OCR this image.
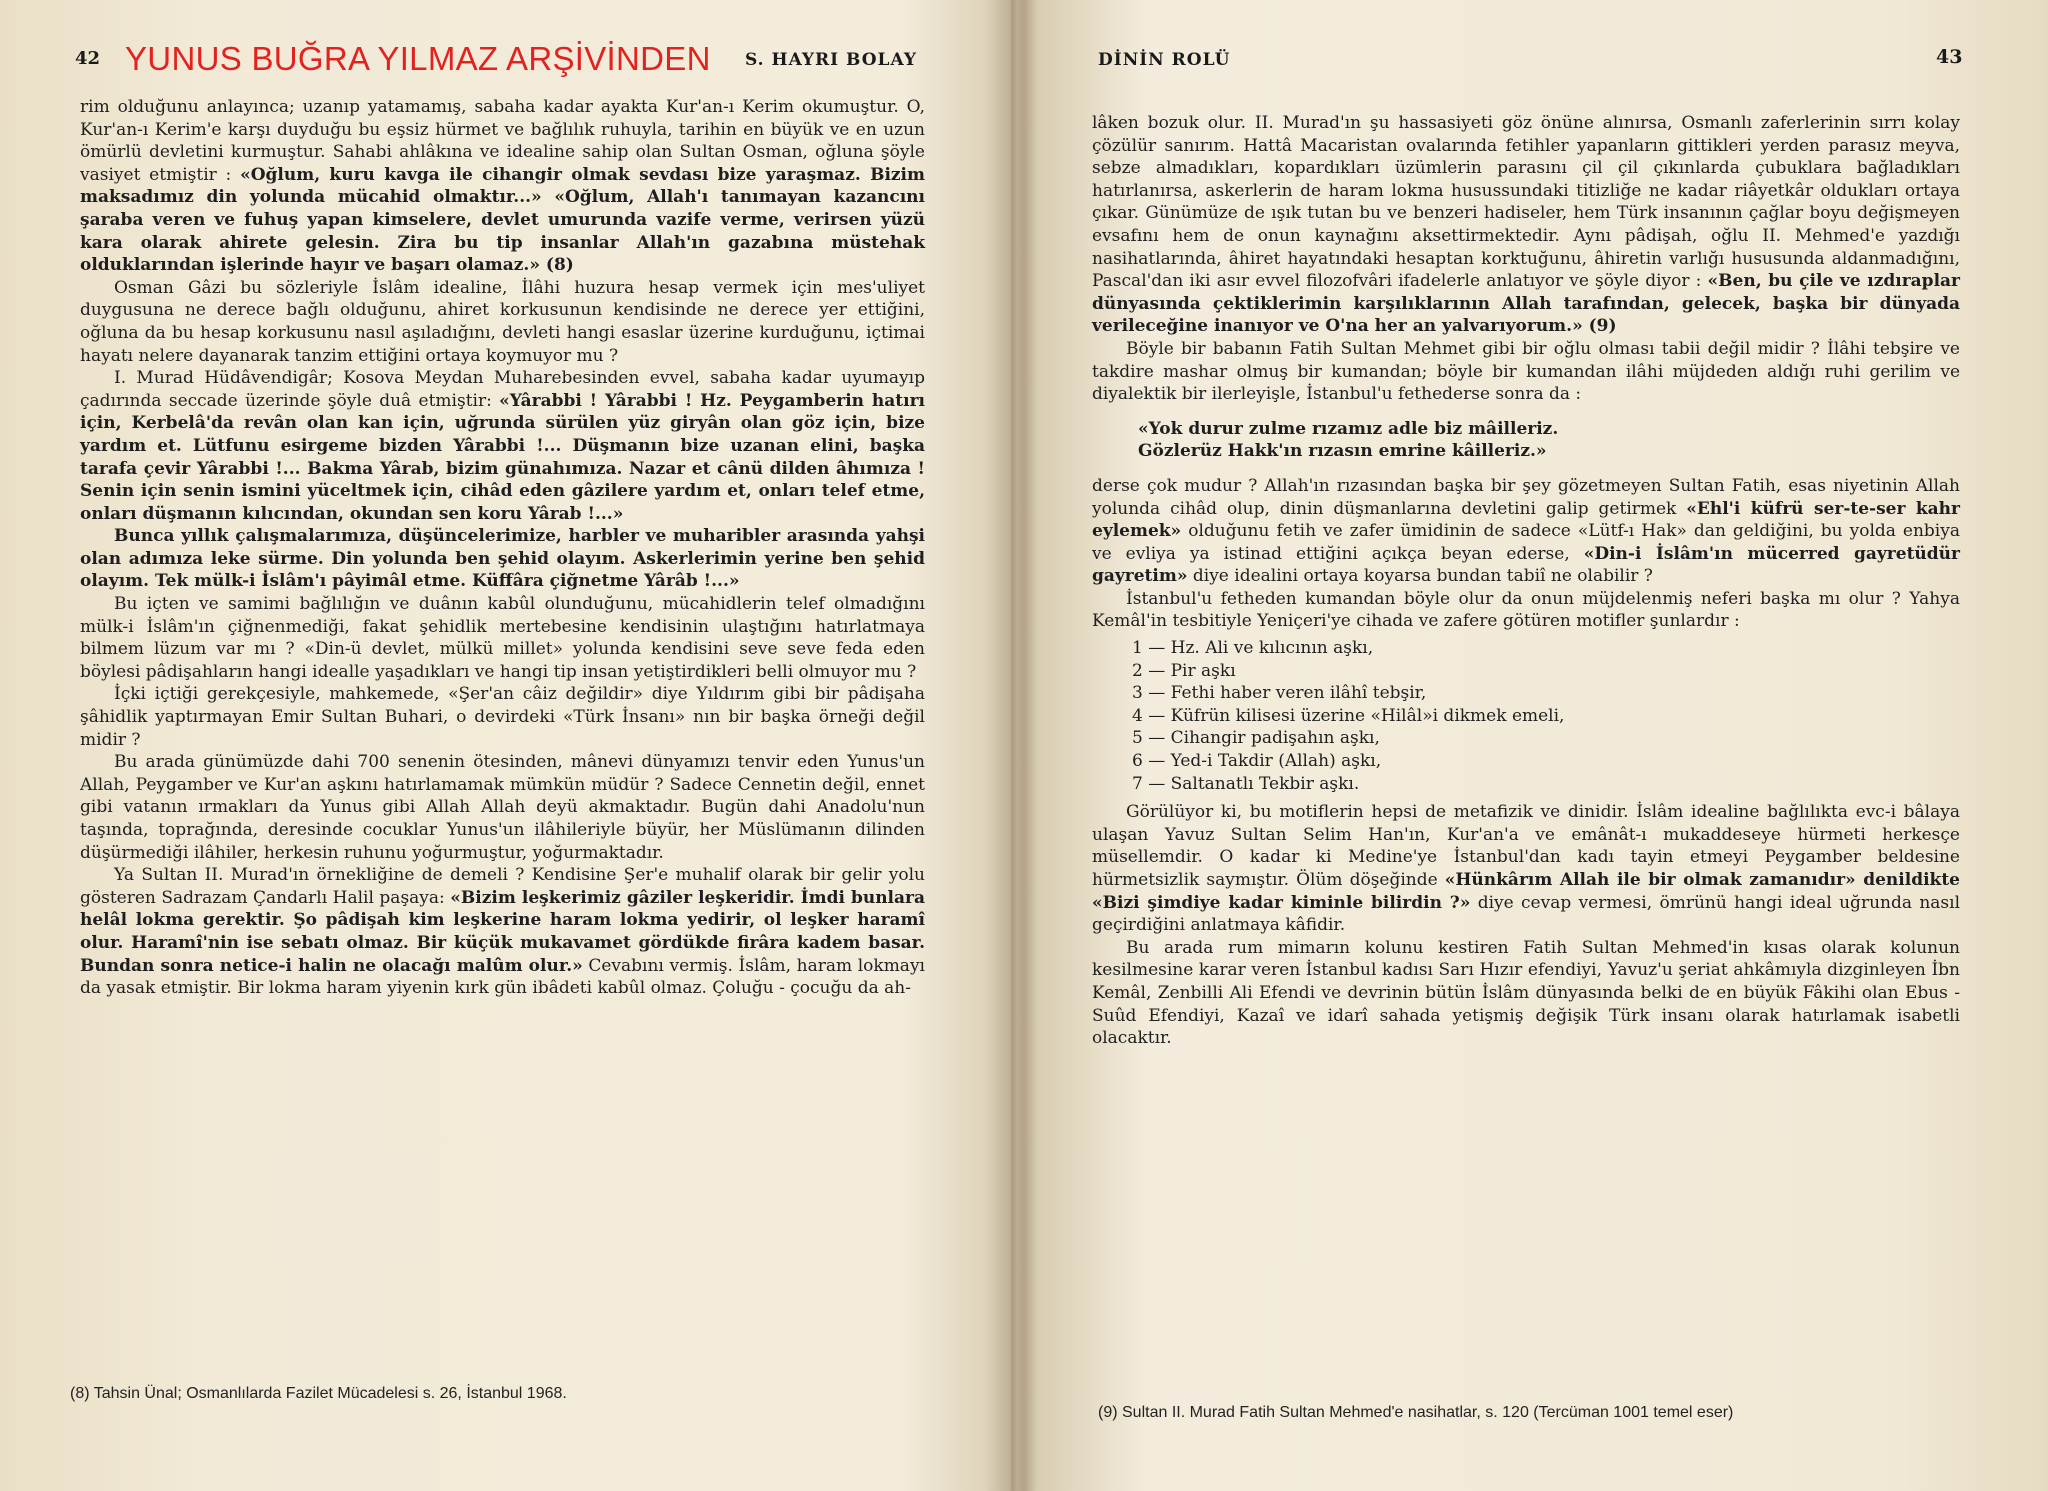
42 YUNUS BUĞRA YILMAZ ARŞİVİNDEN S. HAYRI BOLAY

rim olduğunu anlayınca; uzanıp yatamamış, sabaha kadar ayakta Kur'an-ı Kerim okumuştur. O, Kur'an-ı Kerim'e karşı duyduğu bu eşsiz hürmet ve bağlılık ruhuyla, tarihin en büyük ve en uzun ömürlü devletini kurmuştur. Sahabi ahlâkına ve idealine sahip olan Sultan Osman, oğluna şöyle vasiyet etmiştir : «Oğlum, kuru kavga ile cihangir olmak sevdası bize yaraşmaz. Bizim maksadımız din yolunda mücahid olmaktır...» «Oğlum, Allah'ı tanımayan kazancını şaraba veren ve fuhuş yapan kimselere, devlet umurunda vazife verme, verirsen yüzü kara olarak ahirete gelesin. Zira bu tip insanlar Allah'ın gazabına müstehak olduklarından işlerinde hayır ve başarı olamaz.» (8)

Osman Gâzi bu sözleriyle İslâm idealine, İlâhi huzura hesap vermek için mes'uliyet duygusuna ne derece bağlı olduğunu, ahiret korkusunun kendisinde ne derece yer ettiğini, oğluna da bu hesap korkusunu nasıl aşıladığını, devleti hangi esaslar üzerine kurduğunu, içtimai hayatı nelere dayanarak tanzim ettiğini ortaya koymuyor mu ?

I. Murad Hüdâvendigâr; Kosova Meydan Muharebesinden evvel, sabaha kadar uyumayıp çadırında seccade üzerinde şöyle duâ etmiştir: «Yârabbi ! Yârabbi ! Hz. Peygamberin hatırı için, Kerbelâ'da revân olan kan için, uğrunda sürülen yüz giryân olan göz için, bize yardım et. Lütfunu esirgeme bizden Yârabbi !... Düşmanın bize uzanan elini, başka tarafa çevir Yârabbi !... Bakma Yârab, bizim günahımıza. Nazar et cânü dilden âhımıza ! Senin için senin ismini yüceltmek için, cihâd eden gâzilere yardım et, onları telef etme, onları düşmanın kılıcından, okundan sen koru Yârab !...»

Bunca yıllık çalışmalarımıza, düşüncelerimize, harbler ve muharibler arasında yahşi olan adımıza leke sürme. Din yolunda ben şehid olayım. Askerlerimin yerine ben şehid olayım. Tek mülk-i İslâm'ı pâyimâl etme. Küffâra çiğnetme Yârâb !...»

Bu içten ve samimi bağlılığın ve duânın kabûl olunduğunu, mücahidlerin telef olmadığını mülk-i İslâm'ın çiğnenmediği, fakat şehidlik mertebesine kendisinin ulaştığını hatırlatmaya bilmem lüzum var mı ? «Din-ü devlet, mülkü millet» yolunda kendisini seve seve feda eden böylesi pâdişahların hangi idealle yaşadıkları ve hangi tip insan yetiştirdikleri belli olmuyor mu ?

İçki içtiği gerekçesiyle, mahkemede, «Şer'an câiz değildir» diye Yıldırım gibi bir pâdişaha şâhidlik yaptırmayan Emir Sultan Buhari, o devirdeki «Türk İnsanı» nın bir başka örneği değil midir ?

Bu arada günümüzde dahi 700 senenin ötesinden, mânevi dünyamızı tenvir eden Yunus'un Allah, Peygamber ve Kur'an aşkını hatırlamamak mümkün müdür ? Sadece Cennetin değil, ennet gibi vatanın ırmakları da Yunus gibi Allah Allah deyü akmaktadır. Bugün dahi Anadolu'nun taşında, toprağında, deresinde cocuklar Yunus'un ilâhileriyle büyür, her Müslümanın dilinden düşürmediği ilâhiler, herkesin ruhunu yoğurmuştur, yoğurmaktadır.

Ya Sultan II. Murad'ın örnekliğine de demeli ? Kendisine Şer'e muhalif olarak bir gelir yolu gösteren Sadrazam Çandarlı Halil paşaya: «Bizim leşkerimiz gâziler leşkeridir. İmdi bunlara helâl lokma gerektir. Şo pâdişah kim leşkerine haram lokma yedirir, ol leşker haramî olur. Haramî'nin ise sebatı olmaz. Bir küçük mukavamet gördükde firâra kadem basar. Bundan sonra netice-i halin ne olacağı malûm olur.» Cevabını vermiş. İslâm, haram lokmayı da yasak etmiştir. Bir lokma haram yiyenin kırk gün ibâdeti kabûl olmaz. Çoluğu - çocuğu da ah-

(8) Tahsin Ünal; Osmanlılarda Fazilet Mücadelesi s. 26, İstanbul 1968.
DİNİN ROLÜ	43

lâken bozuk olur. II. Murad'ın şu hassasiyeti göz önüne alınırsa, Osmanlı zaferlerinin sırrı kolay çözülür sanırım. Hattâ Macaristan ovalarında fetihler yapanların gittikleri yerden parasız meyva, sebze almadıkları, kopardıkları üzümlerin parasını çil çil çıkınlarda çubuklara bağladıkları hatırlanırsa, askerlerin de haram lokma husussundaki titizliğe ne kadar riâyetkâr oldukları ortaya çıkar. Günümüze de ışık tutan bu ve benzeri hadiseler, hem Türk insanının çağlar boyu değişmeyen evsafını hem de onun kaynağını aksettirmektedir. Aynı pâdişah, oğlu II. Mehmed'e yazdığı nasihatlarında, âhiret hayatındaki hesaptan korktuğunu, âhiretin varlığı hususunda aldanmadığını, Pascal'dan iki asır evvel filozofvâri ifadelerle anlatıyor ve şöyle diyor : «Ben, bu çile ve ızdıraplar dünyasında çektiklerimin karşılıklarının Allah tarafından, gelecek, başka bir dünyada verileceğine inanıyor ve O'na her an yalvarıyorum.» (9)

Böyle bir babanın Fatih Sultan Mehmet gibi bir oğlu olması tabii değil midir ? İlâhi tebşire ve takdire mashar olmuş bir kumandan; böyle bir kumandan ilâhi müjdeden aldığı ruhi gerilim ve diyalektik bir ilerleyişle, İstanbul'u fethederse sonra da :

«Yok durur zulme rızamız adle biz mâilleriz.
Gözlerüz Hakk'ın rızasın emrine kâilleriz.»

derse çok mudur ? Allah'ın rızasından başka bir şey gözetmeyen Sultan Fatih, esas niyetinin Allah yolunda cihâd olup, dinin düşmanlarına devletini galip getirmek «Ehl'i küfrü ser-te-ser kahr eylemek» olduğunu fetih ve zafer ümidinin de sadece «Lütf-ı Hak» dan geldiğini, bu yolda enbiya ve evliya ya istinad ettiğini açıkça beyan ederse, «Din-i İslâm'ın mücerred gayretüdür gayretim» diye idealini ortaya koyarsa bundan tabiî ne olabilir ?

İstanbul'u fetheden kumandan böyle olur da onun müjdelenmiş neferi başka mı olur ? Yahya Kemâl'in tesbitiyle Yeniçeri'ye cihada ve zafere götüren motifler şunlardır :

1 — Hz. Ali ve kılıcının aşkı,
2 — Pir aşkı
3 — Fethi haber veren ilâhî tebşir,
4 — Küfrün kilisesi üzerine «Hilâl»i dikmek emeli,
5 — Cihangir padişahın aşkı,
6 — Yed-i Takdir (Allah) aşkı,
7 — Saltanatlı Tekbir aşkı.

Görülüyor ki, bu motiflerin hepsi de metafizik ve dinidir. İslâm idealine bağlılıkta evc-i bâlaya ulaşan Yavuz Sultan Selim Han'ın, Kur'an'a ve emânât-ı mukaddeseye hürmeti herkesçe müsellemdir. O kadar ki Medine'ye İstanbul'dan kadı tayin etmeyi Peygamber beldesine hürmetsizlik saymıştır. Ölüm döşeğinde «Hünkârım Allah ile bir olmak zamanıdır» denildikte «Bizi şimdiye kadar kiminle bilirdin ?» diye cevap vermesi, ömrünü hangi ideal uğrunda nasıl geçirdiğini anlatmaya kâfidir.

Bu arada rum mimarın kolunu kestiren Fatih Sultan Mehmed'in kısas olarak kolunun kesilmesine karar veren İstanbul kadısı Sarı Hızır efendiyi, Yavuz'u şeriat ahkâmıyla dizginleyen İbn Kemâl, Zenbilli Ali Efendi ve devrinin bütün İslâm dünyasında belki de en büyük Fâkihi olan Ebus - Suûd Efendiyi, Kazaî ve idarî sahada yetişmiş değişik Türk insanı olarak hatırlamak isabetli olacaktır.

(9) Sultan II. Murad Fatih Sultan Mehmed'e nasihatlar, s. 120 (Tercüman 1001 temel eser)
